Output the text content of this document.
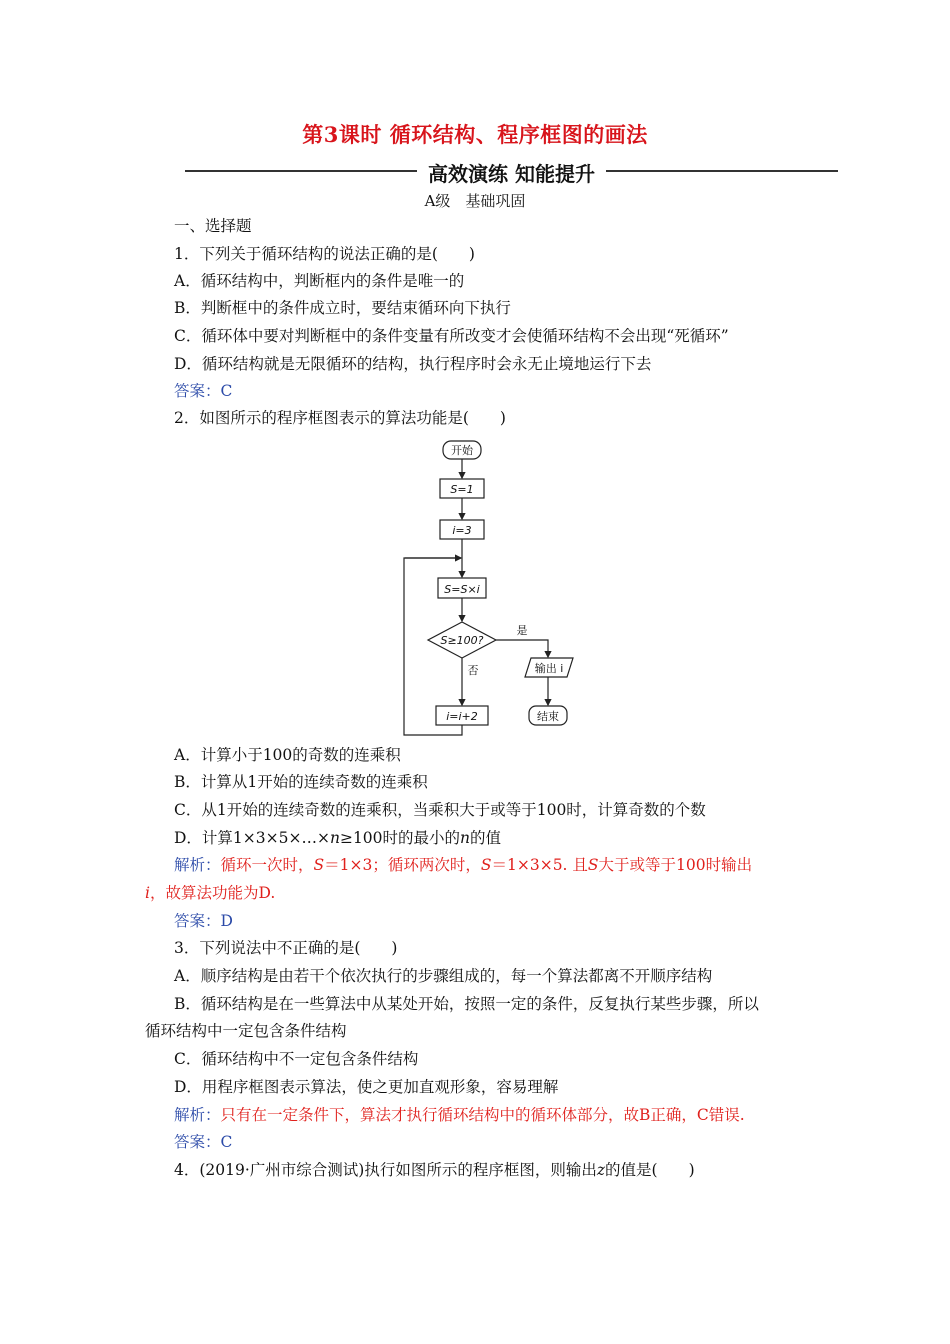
第3课时 循环结构、程序框图的画法
高效演练 知能提升
A级　基础巩固
一、选择题
1．下列关于循环结构的说法正确的是(　　)
A．循环结构中，判断框内的条件是唯一的
B．判断框中的条件成立时，要结束循环向下执行
C．循环体中要对判断框中的条件变量有所改变才会使循环结构不会出现“死循环”
D．循环结构就是无限循环的结构，执行程序时会永无止境地运行下去
答案：C
2．如图所示的程序框图表示的算法功能是(　　)
开始
S=1
i=3
S=S×i
S≥100?
是
否	输出 i
i=i+2	结束
A．计算小于100的奇数的连乘积
B．计算从1开始的连续奇数的连乘积
C．从1开始的连续奇数的连乘积，当乘积大于或等于100时，计算奇数的个数
D．计算1×3×5×…×n≥100时的最小的n的值
解析：循环一次时，S＝1×3；循环两次时，S＝1×3×5. 且S大于或等于100时输出
i，故算法功能为D.
答案：D
3．下列说法中不正确的是(　　)
A．顺序结构是由若干个依次执行的步骤组成的，每一个算法都离不开顺序结构
B．循环结构是在一些算法中从某处开始，按照一定的条件，反复执行某些步骤，所以
循环结构中一定包含条件结构
C．循环结构中不一定包含条件结构
D．用程序框图表示算法，使之更加直观形象，容易理解
解析：只有在一定条件下，算法才执行循环结构中的循环体部分，故B正确，C错误.
答案：C
4．(2019·广州市综合测试)执行如图所示的程序框图，则输出z的值是(　　)
